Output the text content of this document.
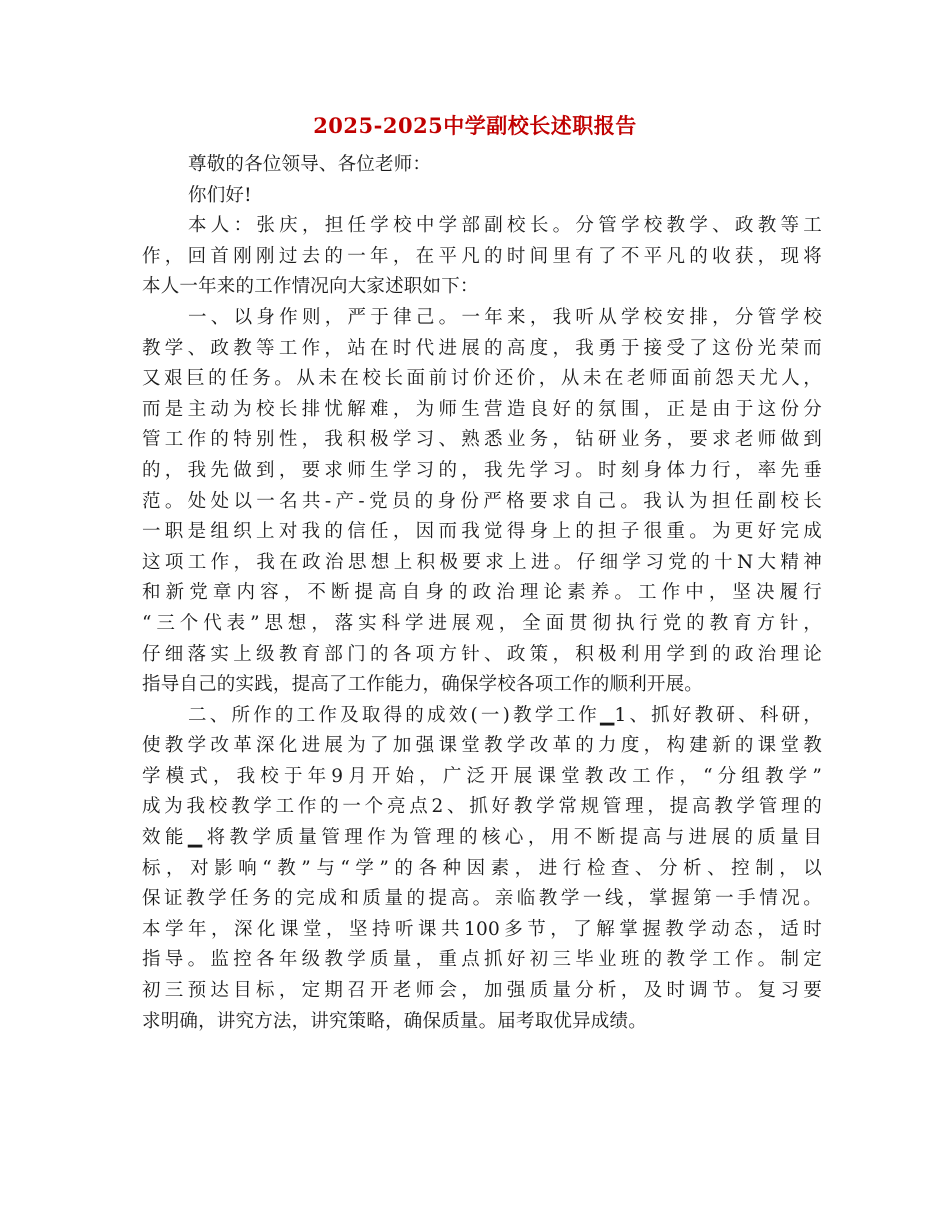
2025-2025中学副校长述职报告
尊敬的各位领导、各位老师：
你们好!
本人：张庆，担任学校中学部副校长。分管学校教学、政教等工
作，回首刚刚过去的一年，在平凡的时间里有了不平凡的收获，现将
本人一年来的工作情况向大家述职如下：
一、以身作则，严于律己。一年来，我听从学校安排，分管学校
教学、政教等工作，站在时代进展的高度，我勇于接受了这份光荣而
又艰巨的任务。从未在校长面前讨价还价，从未在老师面前怨天尤人，
而是主动为校长排忧解难，为师生营造良好的氛围，正是由于这份分
管工作的特别性，我积极学习、熟悉业务，钻研业务，要求老师做到
的，我先做到，要求师生学习的，我先学习。时刻身体力行，率先垂
范。处处以一名共-产-党员的身份严格要求自己。我认为担任副校长
一职是组织上对我的信任，因而我觉得身上的担子很重。为更好完成
这项工作，我在政治思想上积极要求上进。仔细学习党的十N大精神
和新党章内容，不断提高自身的政治理论素养。工作中，坚决履行
“三个代表”思想，落实科学进展观，全面贯彻执行党的教育方针，
仔细落实上级教育部门的各项方针、政策，积极利用学到的政治理论
指导自己的实践，提高了工作能力，确保学校各项工作的顺利开展。
二、所作的工作及取得的成效(一)教学工作▁1、抓好教研、科研，
使教学改革深化进展为了加强课堂教学改革的力度，构建新的课堂教
学模式，我校于年9月开始，广泛开展课堂教改工作，“分组教学”
成为我校教学工作的一个亮点2、抓好教学常规管理，提高教学管理的
效能▁将教学质量管理作为管理的核心，用不断提高与进展的质量目
标，对影响“教”与“学”的各种因素，进行检查、分析、控制，以
保证教学任务的完成和质量的提高。亲临教学一线，掌握第一手情况。
本学年，深化课堂，坚持听课共100多节，了解掌握教学动态，适时
指导。监控各年级教学质量，重点抓好初三毕业班的教学工作。制定
初三预达目标，定期召开老师会，加强质量分析，及时调节。复习要
求明确，讲究方法，讲究策略，确保质量。届考取优异成绩。
